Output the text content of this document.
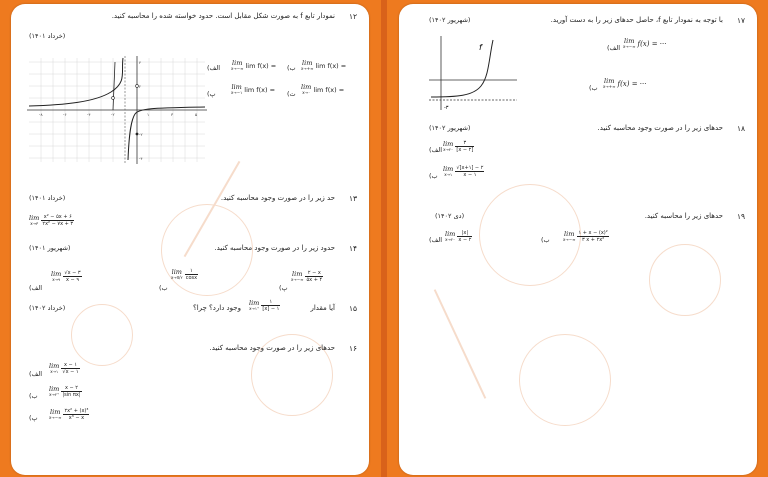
۱۲
نمودار تابع f به صورت شکل مقابل است. حدود خواسته شده را محاسبه کنید.
(خرداد ۱۴۰۱)
-۸	-۶	-۴	-۲	۱	۳	۵
۴
۲
-۲
-۴
lim
x→−∞ lim f(x) =
الف)
lim
x→+∞ lim f(x) =
ب)
lim
x→−۱ lim f(x) =
پ)
lim
x→۰ lim f(x) =
ت)
۱۳
حد زیر را در صورت وجود محاسبه کنید.
(خرداد ۱۴۰۱)
lim
x→۳
$\frac{\text{x² − ۵x + ۶}}{\text{۲x² − ۷x + ۳}}$
۱۴
حدود زیر را در صورت وجود محاسبه کنید.
(شهریور ۱۴۰۱)
الف)
lim
x→۹
$\frac{√x - ۳}{x - ۹}$
ب)
lim
x→π/۲
$\frac{۱}{\cos x}$
پ)
lim
x→−∞
$\frac{۲ - x}{۵x + ۴}$
۱۵
آیا مقدار
lim
x→۱⁺
$\frac{۱}{[x] - ۱}$
وجود دارد؟ چرا؟
(خرداد ۱۴۰۲)
۱۶
حدهای زیر را در صورت وجود محاسبه کنید.
الف)
lim
x→۱
$\frac{x - ۱}{√x - ۱}$
ب)
lim
x→۲⁺
$\frac{x - ۲}{\text{|sin πx|}}$
پ)
lim
x→−∞
$\frac{\text{۲x² + (x)³}}{\text{x³ − x}}$
۱۷
با توجه به نمودار تابع f، حاصل حدهای زیر را به دست آورید.
(شهریور ۱۴۰۲)
f
-۳
الف)
lim
x→−∞ f(x) = ···
ب)
lim
x→+∞ f(x) = ···
۱۸
حدهای زیر را در صورت وجود محاسبه کنید.
(شهریور ۱۴۰۲)
الف)
lim
x→۲⁻
$\frac{۳}{[x - ۲]}$
ب)
lim
x→۱
$\frac{√[x+۱] - ۲}{x - ۱}$
۱۹
حدهای زیر را محاسبه کنید.
(دی ۱۴۰۲)
الف)
lim
x→۲⁻
$\frac{|x|}{x - ۲}$	ب)
lim
x→−∞
$\frac{\text{۱ + x − (x)²}}{\text{۳ x + ۲x²}}$
